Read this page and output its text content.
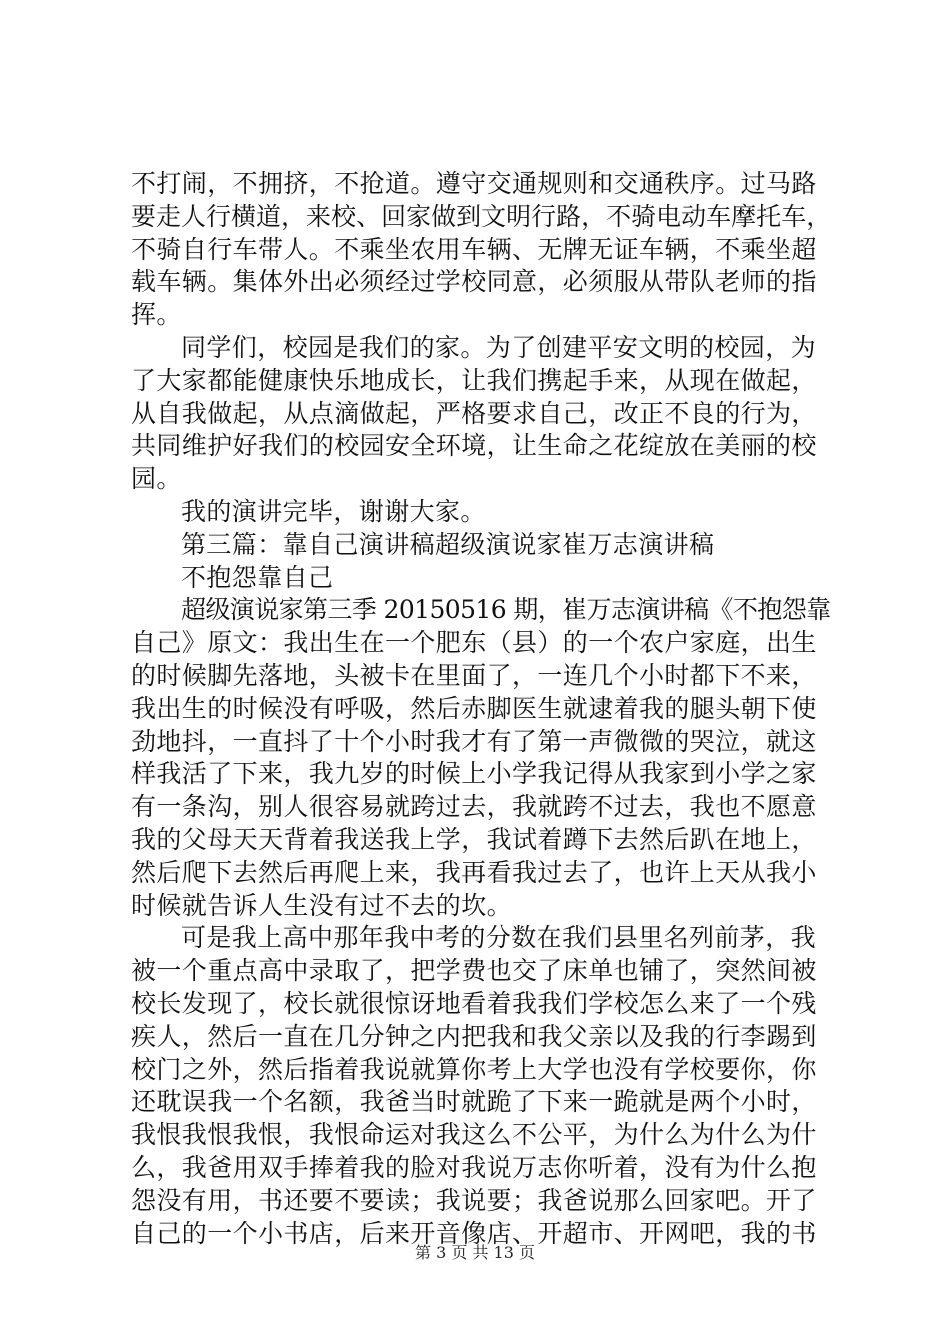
不打闹，不拥挤，不抢道。遵守交通规则和交通秩序。过马路
要走人行横道，来校、回家做到文明行路，不骑电动车摩托车，
不骑自行车带人。不乘坐农用车辆、无牌无证车辆，不乘坐超
载车辆。集体外出必须经过学校同意，必须服从带队老师的指
挥。
同学们，校园是我们的家。为了创建平安文明的校园，为
了大家都能健康快乐地成长，让我们携起手来，从现在做起，
从自我做起，从点滴做起，严格要求自己，改正不良的行为，
共同维护好我们的校园安全环境，让生命之花绽放在美丽的校
园。
我的演讲完毕，谢谢大家。
第三篇：靠自己演讲稿超级演说家崔万志演讲稿
不抱怨靠自己
超级演说家第三季 20150516 期，崔万志演讲稿《不抱怨靠
自己》原文：我出生在一个肥东（县）的一个农户家庭，出生
的时候脚先落地，头被卡在里面了，一连几个小时都下不来，
我出生的时候没有呼吸，然后赤脚医生就逮着我的腿头朝下使
劲地抖，一直抖了十个小时我才有了第一声微微的哭泣，就这
样我活了下来，我九岁的时候上小学我记得从我家到小学之家
有一条沟，别人很容易就跨过去，我就跨不过去，我也不愿意
我的父母天天背着我送我上学，我试着蹲下去然后趴在地上，
然后爬下去然后再爬上来，我再看我过去了，也许上天从我小
时候就告诉人生没有过不去的坎。
可是我上高中那年我中考的分数在我们县里名列前茅，我
被一个重点高中录取了，把学费也交了床单也铺了，突然间被
校长发现了，校长就很惊讶地看着我我们学校怎么来了一个残
疾人，然后一直在几分钟之内把我和我父亲以及我的行李踢到
校门之外，然后指着我说就算你考上大学也没有学校要你，你
还耽误我一个名额，我爸当时就跪了下来一跪就是两个小时，
我恨我恨我恨，我恨命运对我这么不公平，为什么为什么为什
么，我爸用双手捧着我的脸对我说万志你听着，没有为什么抱
怨没有用，书还要不要读；我说要；我爸说那么回家吧。开了
自己的一个小书店，后来开音像店、开超市、开网吧，我的书
第 3 页 共 13 页
